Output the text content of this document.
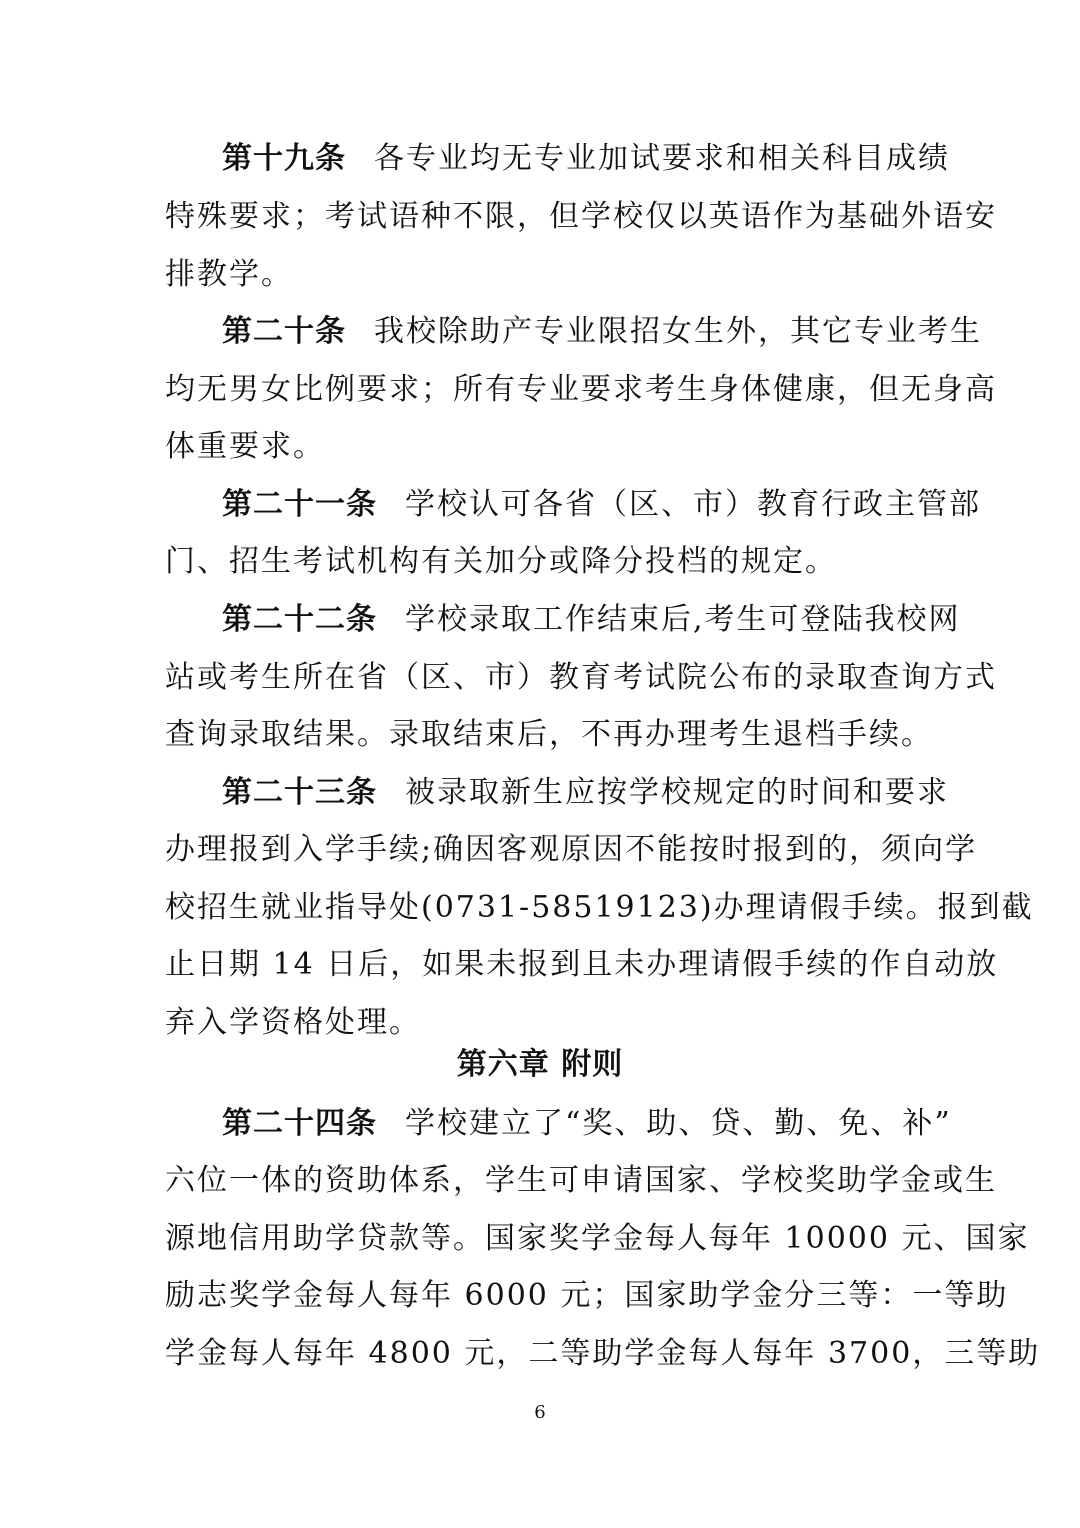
第十九条 各专业均无专业加试要求和相关科目成绩
特殊要求；考试语种不限，但学校仅以英语作为基础外语安
排教学。
第二十条 我校除助产专业限招女生外，其它专业考生
均无男女比例要求；所有专业要求考生身体健康，但无身高
体重要求。
第二十一条 学校认可各省（区、市）教育行政主管部
门、招生考试机构有关加分或降分投档的规定。
第二十二条 学校录取工作结束后,考生可登陆我校网
站或考生所在省（区、市）教育考试院公布的录取查询方式
查询录取结果。录取结束后，不再办理考生退档手续。
第二十三条 被录取新生应按学校规定的时间和要求
办理报到入学手续;确因客观原因不能按时报到的，须向学
校招生就业指导处(0731-58519123)办理请假手续。报到截
止日期 14 日后，如果未报到且未办理请假手续的作自动放
弃入学资格处理。
第六章 附则
第二十四条 学校建立了“奖、助、贷、勤、免、补”
六位一体的资助体系，学生可申请国家、学校奖助学金或生
源地信用助学贷款等。国家奖学金每人每年 10000 元、国家
励志奖学金每人每年 6000 元；国家助学金分三等：一等助
学金每人每年 4800 元，二等助学金每人每年 3700，三等助
6
